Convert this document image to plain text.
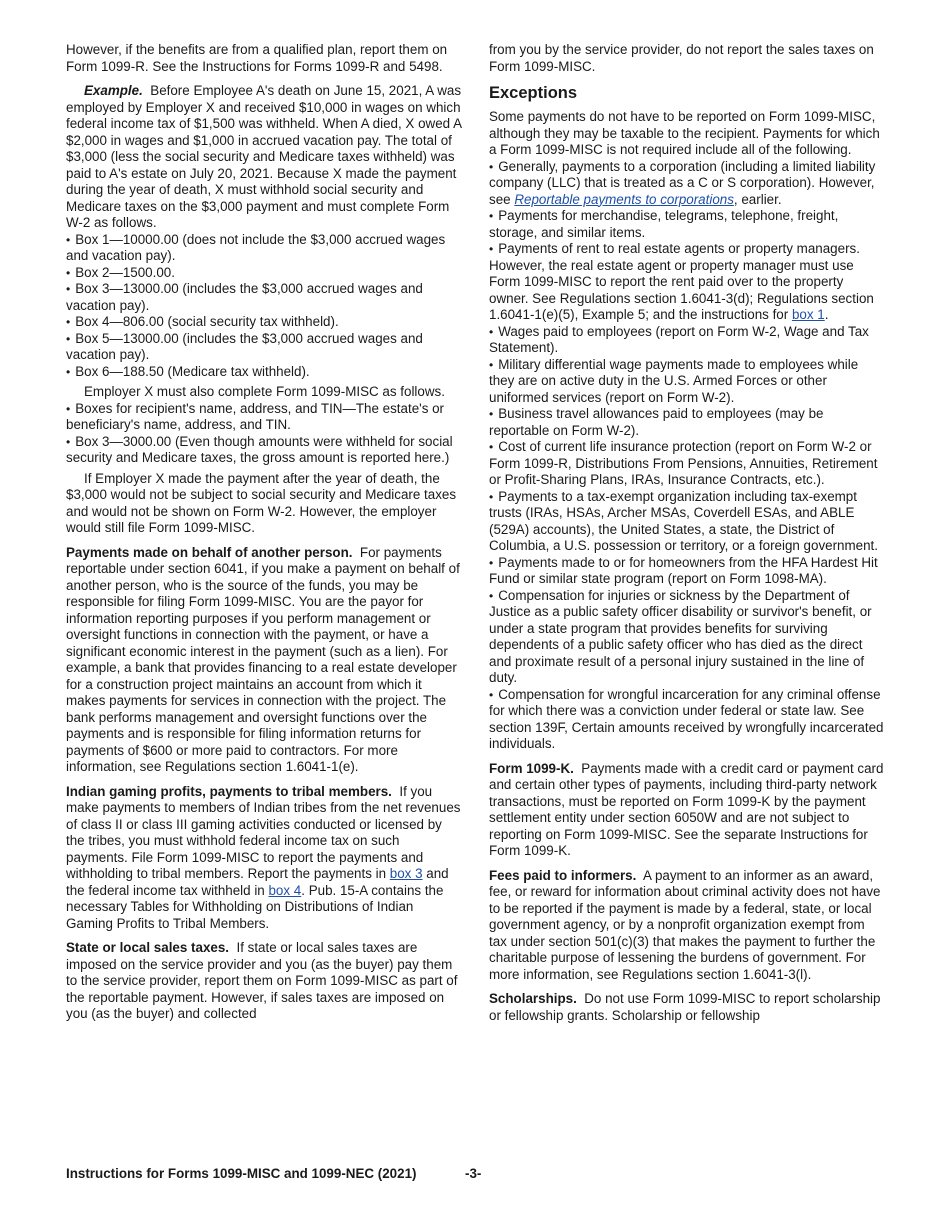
However, if the benefits are from a qualified plan, report them on Form 1099-R. See the Instructions for Forms 1099-R and 5498.

Example. Before Employee A's death on June 15, 2021, A was employed by Employer X and received $10,000 in wages on which federal income tax of $1,500 was withheld. When A died, X owed A $2,000 in wages and $1,000 in accrued vacation pay. The total of $3,000 (less the social security and Medicare taxes withheld) was paid to A's estate on July 20, 2021. Because X made the payment during the year of death, X must withhold social security and Medicare taxes on the $3,000 payment and must complete Form W-2 as follows.

• Box 1—10000.00 (does not include the $3,000 accrued wages and vacation pay).

• Box 2—1500.00.

• Box 3—13000.00 (includes the $3,000 accrued wages and vacation pay).

• Box 4—806.00 (social security tax withheld).

• Box 5—13000.00 (includes the $3,000 accrued wages and vacation pay).

• Box 6—188.50 (Medicare tax withheld).

Employer X must also complete Form 1099-MISC as follows.

• Boxes for recipient's name, address, and TIN—The estate's or beneficiary's name, address, and TIN.

• Box 3—3000.00 (Even though amounts were withheld for social security and Medicare taxes, the gross amount is reported here.)

If Employer X made the payment after the year of death, the $3,000 would not be subject to social security and Medicare taxes and would not be shown on Form W-2. However, the employer would still file Form 1099-MISC.

Payments made on behalf of another person. For payments reportable under section 6041, if you make a payment on behalf of another person, who is the source of the funds, you may be responsible for filing Form 1099-MISC. You are the payor for information reporting purposes if you perform management or oversight functions in connection with the payment, or have a significant economic interest in the payment (such as a lien). For example, a bank that provides financing to a real estate developer for a construction project maintains an account from which it makes payments for services in connection with the project. The bank performs management and oversight functions over the payments and is responsible for filing information returns for payments of $600 or more paid to contractors. For more information, see Regulations section 1.6041-1(e).

Indian gaming profits, payments to tribal members. If you make payments to members of Indian tribes from the net revenues of class II or class III gaming activities conducted or licensed by the tribes, you must withhold federal income tax on such payments. File Form 1099-MISC to report the payments and withholding to tribal members. Report the payments in box 3 and the federal income tax withheld in box 4. Pub. 15-A contains the necessary Tables for Withholding on Distributions of Indian Gaming Profits to Tribal Members.

State or local sales taxes. If state or local sales taxes are imposed on the service provider and you (as the buyer) pay them to the service provider, report them on Form 1099-MISC as part of the reportable payment. However, if sales taxes are imposed on you (as the buyer) and collected

from you by the service provider, do not report the sales taxes on Form 1099-MISC.

Exceptions

Some payments do not have to be reported on Form 1099-MISC, although they may be taxable to the recipient. Payments for which a Form 1099-MISC is not required include all of the following.

• Generally, payments to a corporation (including a limited liability company (LLC) that is treated as a C or S corporation). However, see Reportable payments to corporations, earlier.

• Payments for merchandise, telegrams, telephone, freight, storage, and similar items.

• Payments of rent to real estate agents or property managers. However, the real estate agent or property manager must use Form 1099-MISC to report the rent paid over to the property owner. See Regulations section 1.6041-3(d); Regulations section 1.6041-1(e)(5), Example 5; and the instructions for box 1.

• Wages paid to employees (report on Form W-2, Wage and Tax Statement).

• Military differential wage payments made to employees while they are on active duty in the U.S. Armed Forces or other uniformed services (report on Form W-2).

• Business travel allowances paid to employees (may be reportable on Form W-2).

• Cost of current life insurance protection (report on Form W-2 or Form 1099-R, Distributions From Pensions, Annuities, Retirement or Profit-Sharing Plans, IRAs, Insurance Contracts, etc.).

• Payments to a tax-exempt organization including tax-exempt trusts (IRAs, HSAs, Archer MSAs, Coverdell ESAs, and ABLE (529A) accounts), the United States, a state, the District of Columbia, a U.S. possession or territory, or a foreign government.

• Payments made to or for homeowners from the HFA Hardest Hit Fund or similar state program (report on Form 1098-MA).

• Compensation for injuries or sickness by the Department of Justice as a public safety officer disability or survivor's benefit, or under a state program that provides benefits for surviving dependents of a public safety officer who has died as the direct and proximate result of a personal injury sustained in the line of duty.

• Compensation for wrongful incarceration for any criminal offense for which there was a conviction under federal or state law. See section 139F, Certain amounts received by wrongfully incarcerated individuals.

Form 1099-K. Payments made with a credit card or payment card and certain other types of payments, including third-party network transactions, must be reported on Form 1099-K by the payment settlement entity under section 6050W and are not subject to reporting on Form 1099-MISC. See the separate Instructions for Form 1099-K.

Fees paid to informers. A payment to an informer as an award, fee, or reward for information about criminal activity does not have to be reported if the payment is made by a federal, state, or local government agency, or by a nonprofit organization exempt from tax under section 501(c)(3) that makes the payment to further the charitable purpose of lessening the burdens of government. For more information, see Regulations section 1.6041-3(l).

Scholarships. Do not use Form 1099-MISC to report scholarship or fellowship grants. Scholarship or fellowship

Instructions for Forms 1099-MISC and 1099-NEC (2021)	-3-
